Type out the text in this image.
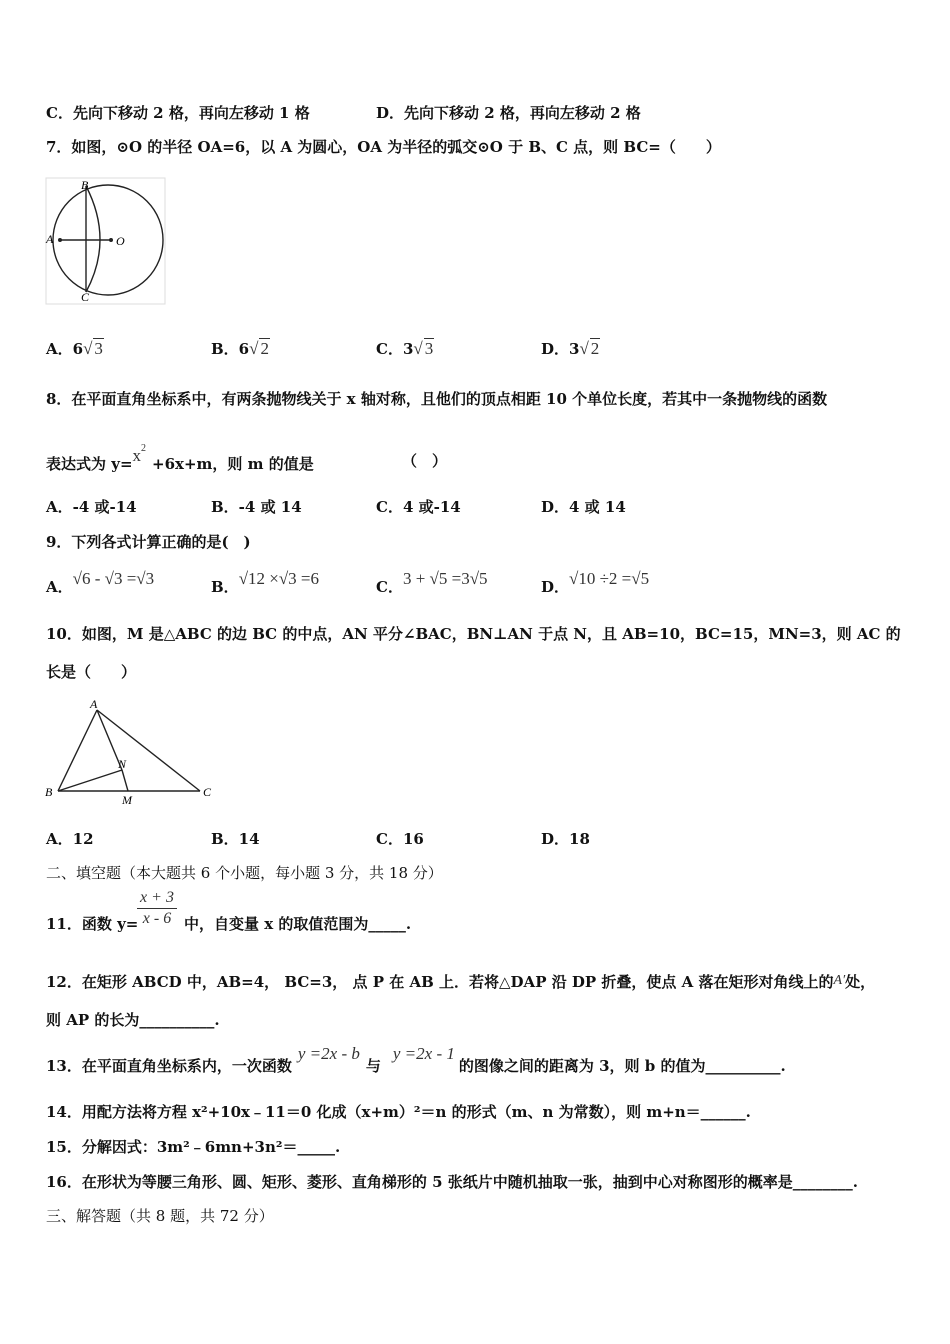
C．先向下移动 2 格，再向左移动 1 格	D．先向下移动 2 格，再向左移动 2 格
7．如图，⊙O 的半径 OA=6，以 A 为圆心，OA 为半径的弧交⊙O 于 B、C 点，则 BC=（　　）
B
A	O
C
A．6√ 3	B．6√ 2	C．3√ 3	D．3√ 2
8．在平面直角坐标系中，有两条抛物线关于 x 轴对称，且他们的顶点相距 10 个单位长度，若其中一条抛物线的函数
表达式为 $y=x^2+6x+m$，则 m 的值是	（　）
A．-4 或-14	B．-4 或 14	C．4 或-14	D．4 或 14
9．下列各式计算正确的是(　)
A．√6 - √3 =√3	B．√12 ×√3 =6	C．3 + √5 =3√5	D．√10 ÷2 =√5
10．如图，M 是△ABC 的边 BC 的中点，AN 平分∠BAC，BN⊥AN 于点 N，且 AB=10，BC=15，MN=3，则 AC 的
长是（　　）
A
N
B
M
C
A．12	B．14	C．16	D．18
二、填空题（本大题共 6 个小题，每小题 3 分，共 18 分）
11．函数 y=
$\frac{x + 3}{x - 6}$ 中，自变量 x 的取值范围为_____.
12．在矩形 ABCD 中，AB=4， BC=3， 点 P 在 AB 上．若将△DAP 沿 DP 折叠，使点 A 落在矩形对角线上的A′处，
则 AP 的长为__________.
13．在平面直角坐标系内，一次函数y =2x - b与y =2x - 1的图像之间的距离为 3，则 b 的值为__________.
14．用配方法将方程 x²+10x﹣11＝0 化成（x+m）²＝n 的形式（m、n 为常数），则 m+n＝______.
15．分解因式：3m²﹣6mn+3n²＝_____.
16．在形状为等腰三角形、圆、矩形、菱形、直角梯形的 5 张纸片中随机抽取一张，抽到中心对称图形的概率是________.
三、解答题（共 8 题，共 72 分）
